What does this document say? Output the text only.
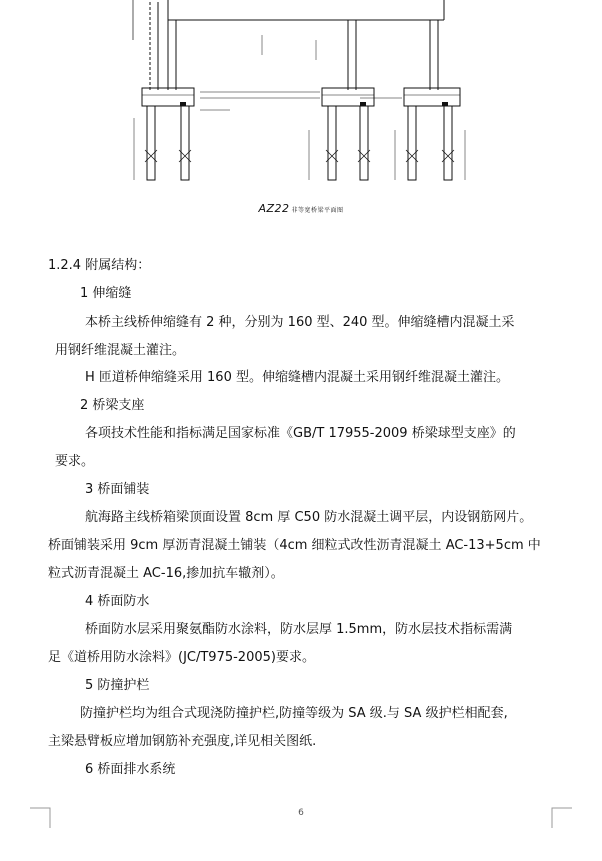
AZ22 非等宽桥梁平面图
1.2.4 附属结构：
1 伸缩缝
本桥主线桥伸缩缝有 2 种，分别为 160 型、240 型。伸缩缝槽内混凝土采
用钢纤维混凝土灌注。
H 匝道桥伸缩缝采用 160 型。伸缩缝槽内混凝土采用钢纤维混凝土灌注。
2 桥梁支座
各项技术性能和指标满足国家标准《GB/T 17955-2009 桥梁球型支座》的
要求。
3 桥面铺装
航海路主线桥箱梁顶面设置 8cm 厚 C50 防水混凝土调平层，内设钢筋网片。
桥面铺装采用 9cm 厚沥青混凝土铺装（4cm 细粒式改性沥青混凝土 AC-13+5cm 中
粒式沥青混凝土 AC-16,掺加抗车辙剂）。
4 桥面防水
桥面防水层采用聚氨酯防水涂料，防水层厚 1.5mm，防水层技术指标需满
足《道桥用防水涂料》(JC/T975-2005)要求。
5 防撞护栏
防撞护栏均为组合式现浇防撞护栏,防撞等级为 SA 级.与 SA 级护栏相配套,
主梁悬臂板应增加钢筋补充强度,详见相关图纸.
6 桥面排水系统
6
